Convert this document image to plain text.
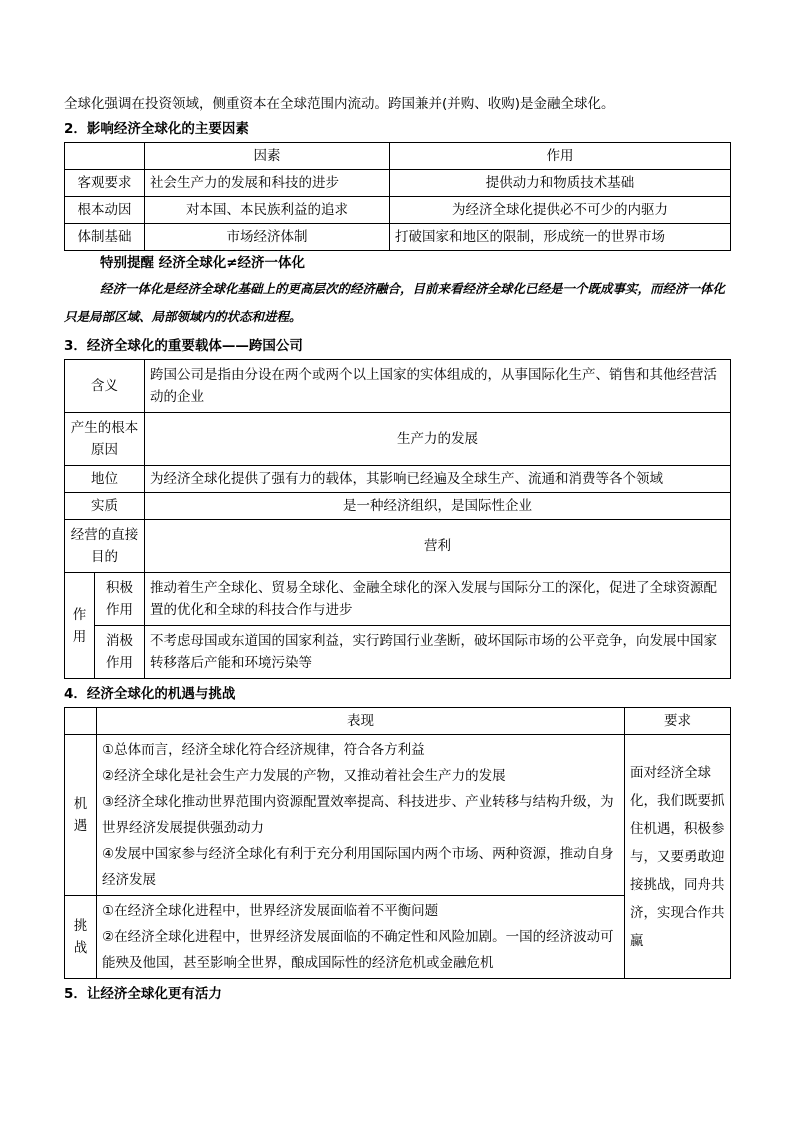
全球化强调在投资领域，侧重资本在全球范围内流动。跨国兼并(并购、收购)是金融全球化。

2．影响经济全球化的主要因素

	因素	作用
客观要求	社会生产力的发展和科技的进步	提供动力和物质技术基础
根本动因	对本国、本民族利益的追求	为经济全球化提供必不可少的内驱力
体制基础	市场经济体制	打破国家和地区的限制，形成统一的世界市场

特别提醒 经济全球化≠经济一体化

经济一体化是经济全球化基础上的更高层次的经济融合，目前来看经济全球化已经是一个既成事实，而经济一体化只是局部区域、局部领域内的状态和进程。

3．经济全球化的重要载体——跨国公司

含义		跨国公司是指由分设在两个或两个以上国家的实体组成的，从事国际化生产、销售和其他经营活动的企业
产生的根本原因		生产力的发展
地位		为经济全球化提供了强有力的载体，其影响已经遍及全球生产、流通和消费等各个领域
实质		是一种经济组织，是国际性企业
经营的直接目的		营利
作用	积极作用	推动着生产全球化、贸易全球化、金融全球化的深入发展与国际分工的深化，促进了全球资源配置的优化和全球的科技合作与进步
	消极作用	不考虑母国或东道国的国家利益，实行跨国行业垄断，破坏国际市场的公平竞争，向发展中国家转移落后产能和环境污染等

4．经济全球化的机遇与挑战

	表现	要求
机遇	①总体而言，经济全球化符合经济规律，符合各方利益
②经济全球化是社会生产力发展的产物，又推动着社会生产力的发展
③经济全球化推动世界范围内资源配置效率提高、科技进步、产业转移与结构升级，为世界经济发展提供强劲动力
④发展中国家参与经济全球化有利于充分利用国际国内两个市场、两种资源，推动自身经济发展	面对经济全球化，我们既要抓住机遇，积极参与，又要勇敢迎接挑战，同舟共济，实现合作共赢
挑战	①在经济全球化进程中，世界经济发展面临着不平衡问题
②在经济全球化进程中，世界经济发展面临的不确定性和风险加剧。一国的经济波动可能殃及他国，甚至影响全世界，酿成国际性的经济危机或金融危机	

5．让经济全球化更有活力
